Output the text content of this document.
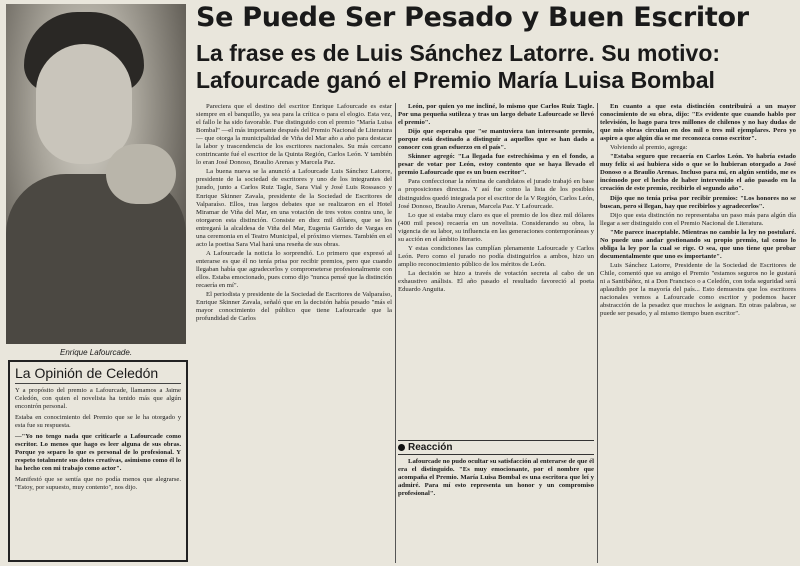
Enrique Lafourcade.
La Opinión de Celedón

Y a propósito del premio a Lafourcade, llamamos a Jaime Celedón, con quien el novelista ha tenido más que algún encontrón personal.

Estaba en conocimiento del Premio que se le ha otorgado y esta fue su respuesta.

—"Yo no tengo nada que criticarle a Lafourcade como escritor. Lo menos que hago es leer alguna de sus obras. Porque yo separo lo que es personal de lo profesional. Y respeto totalmente sus dotes creativas, asimismo como él lo ha hecho con mi trabajo como actor".

Manifestó que se sentía que no podía menos que alegrarse. "Estoy, por supuesto, muy contento", nos dijo.

Se Puede Ser Pesado y Buen Escritor
La frase es de Luis Sánchez Latorre. Su motivo: Lafourcade ganó el Premio María Luisa Bombal

Pareciera que el destino del escritor Enrique Lafourcade es estar siempre en el banquillo, ya sea para la crítica o para el elogio. Esta vez, el fallo le ha sido favorable. Fue distinguido con el premio "María Luisa Bombal" —el más importante después del Premio Nacional de Literatura— que otorga la municipalidad de Viña del Mar año a año para destacar la labor y trascendencia de los escritores nacionales. Su más cercano contrincante fué el escritor de la Quinta Región, Carlos León. Y también lo eran José Donoso, Braulio Arenas y Marcela Paz.

La buena nueva se la anunció a Lafourcade Luis Sánchez Latorre, presidente de la sociedad de escritores y uno de los integrantes del jurado, junto a Carlos Ruiz Tagle, Sara Vial y José Luis Rossasco y Enrique Skinner Zavala, presidente de la Sociedad de Escritores de Valparaíso. Ellos, tras largos debates que se realizaron en el Hotel Miramar de Viña del Mar, en una votación de tres votos contra uno, le otorgaron esta distinción. Consiste en diez mil dólares, que se los entregará la alcaldesa de Viña del Mar, Eugenia Garrido de Vargas en una ceremonia en el Teatro Municipal, el próximo viernes. También en el acto la poetisa Sara Vial hará una reseña de sus obras.

A Lafourcade la noticia lo sorprendió. Lo primero que expresó al enterarse es que él no tenía prisa por recibir premios, pero que cuando llegaban había que agradecerlos y comprometerse profesionalmente con ellos. Estaba emocionado, pues como dijo "nunca pensé que la distinción recaería en mí".

El periodista y presidente de la Sociedad de Escritores de Valparaíso, Enrique Skinner Zavala, señaló que en la decisión había pesado "más el mayor conocimiento del público que tiene Lafourcade que la profundidad de Carlos

León, por quien yo me incliné, lo mismo que Carlos Ruiz Tagle. Por una pequeña sutileza y tras un largo debate Lafourcade se llevó el premio".

Dijo que esperaba que "se mantuviera tan interesante premio, porque está destinado a distinguir a aquellos que se han dado a conocer con gran esfuerzo en el país".

Skinner agregó: "La llegada fue estrechísima y en el fondo, a pesar de votar por León, estoy contento que se haya llevado el premio Lafourcade que es un buen escritor".

Para confeccionar la nómina de candidatos el jurado trabajó en base a proposiciones directas. Y así fue como la lista de los posibles distinguidos quedó integrada por el escritor de la V Región, Carlos León, José Donoso, Braulio Arenas, Marcela Paz. Y Lafourcade.

Lo que si estaba muy claro es que el premio de los diez mil dólares (400 mil pesos) recaería en un novelista. Considerando su obra, la vigencia de su labor, su influencia en las generaciones contemporáneas y su acción en el ámbito literario.

Y estas condiciones las cumplían plenamente Lafourcade y Carlos León. Pero como el jurado no podía distinguirlos a ambos, hizo un amplio reconocimiento público de los méritos de León.

La decisión se hizo a través de votación secreta al cabo de un exhaustivo análisis. El año pasado el resultado favoreció al poeta Eduardo Anguita.

Reacción

Lafourcade no pudo ocultar su satisfacción al enterarse de que él era el distinguido. "Es muy emocionante, por el nombre que acompaña el Premio. María Luisa Bombal es una escritora que leí y admiré. Para mí esto representa un honor y un compromiso profesional".

En cuanto a que esta distinción contribuirá a un mayor conocimiento de su obra, dijo: "Es evidente que cuando hablo por televisión, lo hago para tres millones de chilenos y no hay dudas de que mis obras circulan en dos mil o tres mil ejemplares. Pero yo aspiro a que algún día se me reconozca como escritor".

Volviendo al premio, agrega:

"Estaba seguro que recaería en Carlos León. Yo habría estado muy feliz si así hubiera sido o que se lo hubieran otorgado a José Donoso o a Braulio Arenas. Incluso para mí, en algún sentido, me es incómodo por el hecho de haber intervenido el año pasado en la creación de este premio, recibirlo el segundo año".

Dijo que no tenía prisa por recibir premios: "Los honores no se buscan, pero si llegan, hay que recibirlos y agradecerlos".

Dijo que esta distinción no representaba un paso más para algún día llegar a ser distinguido con el Premio Nacional de Literatura.

"Me parece inaceptable. Mientras no cambie la ley no postularé. No puede uno andar gestionando su propio premio, tal como lo obliga la ley por la cual se rige. O sea, que uno tiene que probar documentalmente que uno es importante".

Luis Sánchez Latorre, Presidente de la Sociedad de Escritores de Chile, comentó que su amigo el Premio "estamos seguros no le gustará ni a Santibáñez, ni a Don Francisco o a Celedón, con toda seguridad será aplaudido por la mayoría del país... Esto demuestra que los escritores nacionales vemos a Lafourcade como escritor y podemos hacer abstracción de la pesadez que muchos le asignan. En otras palabras, se puede ser pesado, y al mismo tiempo buen escritor".
